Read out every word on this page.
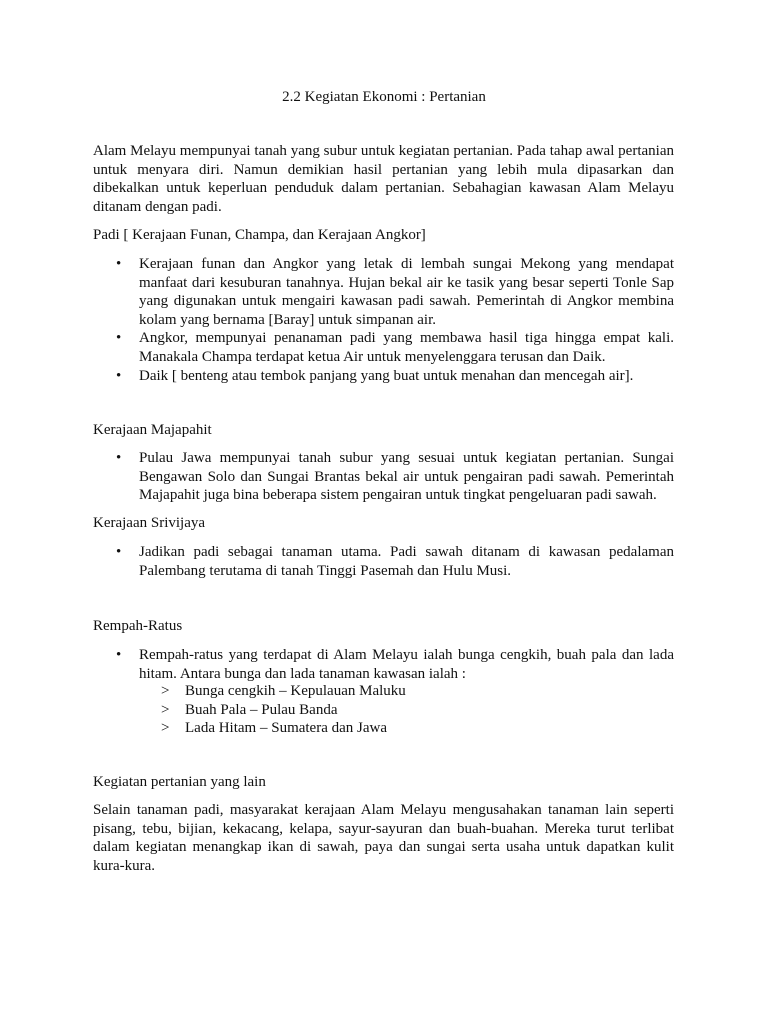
2.2 Kegiatan Ekonomi : Pertanian
Alam Melayu mempunyai tanah yang subur untuk kegiatan pertanian. Pada tahap awal pertanian untuk menyara diri. Namun demikian hasil pertanian yang lebih mula dipasarkan dan dibekalkan untuk keperluan penduduk dalam pertanian. Sebahagian kawasan Alam Melayu ditanam dengan padi.
Padi [ Kerajaan Funan, Champa, dan Kerajaan Angkor]
• Kerajaan funan dan Angkor yang letak di lembah sungai Mekong yang mendapat manfaat dari kesuburan tanahnya. Hujan bekal air ke tasik yang besar seperti Tonle Sap yang digunakan untuk mengairi kawasan padi sawah. Pemerintah di Angkor membina kolam yang bernama [Baray] untuk simpanan air.
• Angkor, mempunyai penanaman padi yang membawa hasil tiga hingga empat kali. Manakala Champa terdapat ketua Air untuk menyelenggara terusan dan Daik.
• Daik [ benteng atau tembok panjang yang buat untuk menahan dan mencegah air].
Kerajaan Majapahit
• Pulau Jawa mempunyai tanah subur yang sesuai untuk kegiatan pertanian. Sungai Bengawan Solo dan Sungai Brantas bekal air untuk pengairan padi sawah. Pemerintah Majapahit juga bina beberapa sistem pengairan untuk tingkat pengeluaran padi sawah.
Kerajaan Srivijaya
• Jadikan padi sebagai tanaman utama. Padi sawah ditanam di kawasan pedalaman Palembang terutama di tanah Tinggi Pasemah dan Hulu Musi.
Rempah-Ratus
• Rempah-ratus yang terdapat di Alam Melayu ialah bunga cengkih, buah pala dan lada hitam. Antara bunga dan lada tanaman kawasan ialah :
> Bunga cengkih – Kepulauan Maluku
> Buah Pala – Pulau Banda
> Lada Hitam – Sumatera dan Jawa
Kegiatan pertanian yang lain
Selain tanaman padi, masyarakat kerajaan Alam Melayu mengusahakan tanaman lain seperti pisang, tebu, bijian, kekacang, kelapa, sayur-sayuran dan buah-buahan. Mereka turut terlibat dalam kegiatan menangkap ikan di sawah, paya dan sungai serta usaha untuk dapatkan kulit kura-kura.
